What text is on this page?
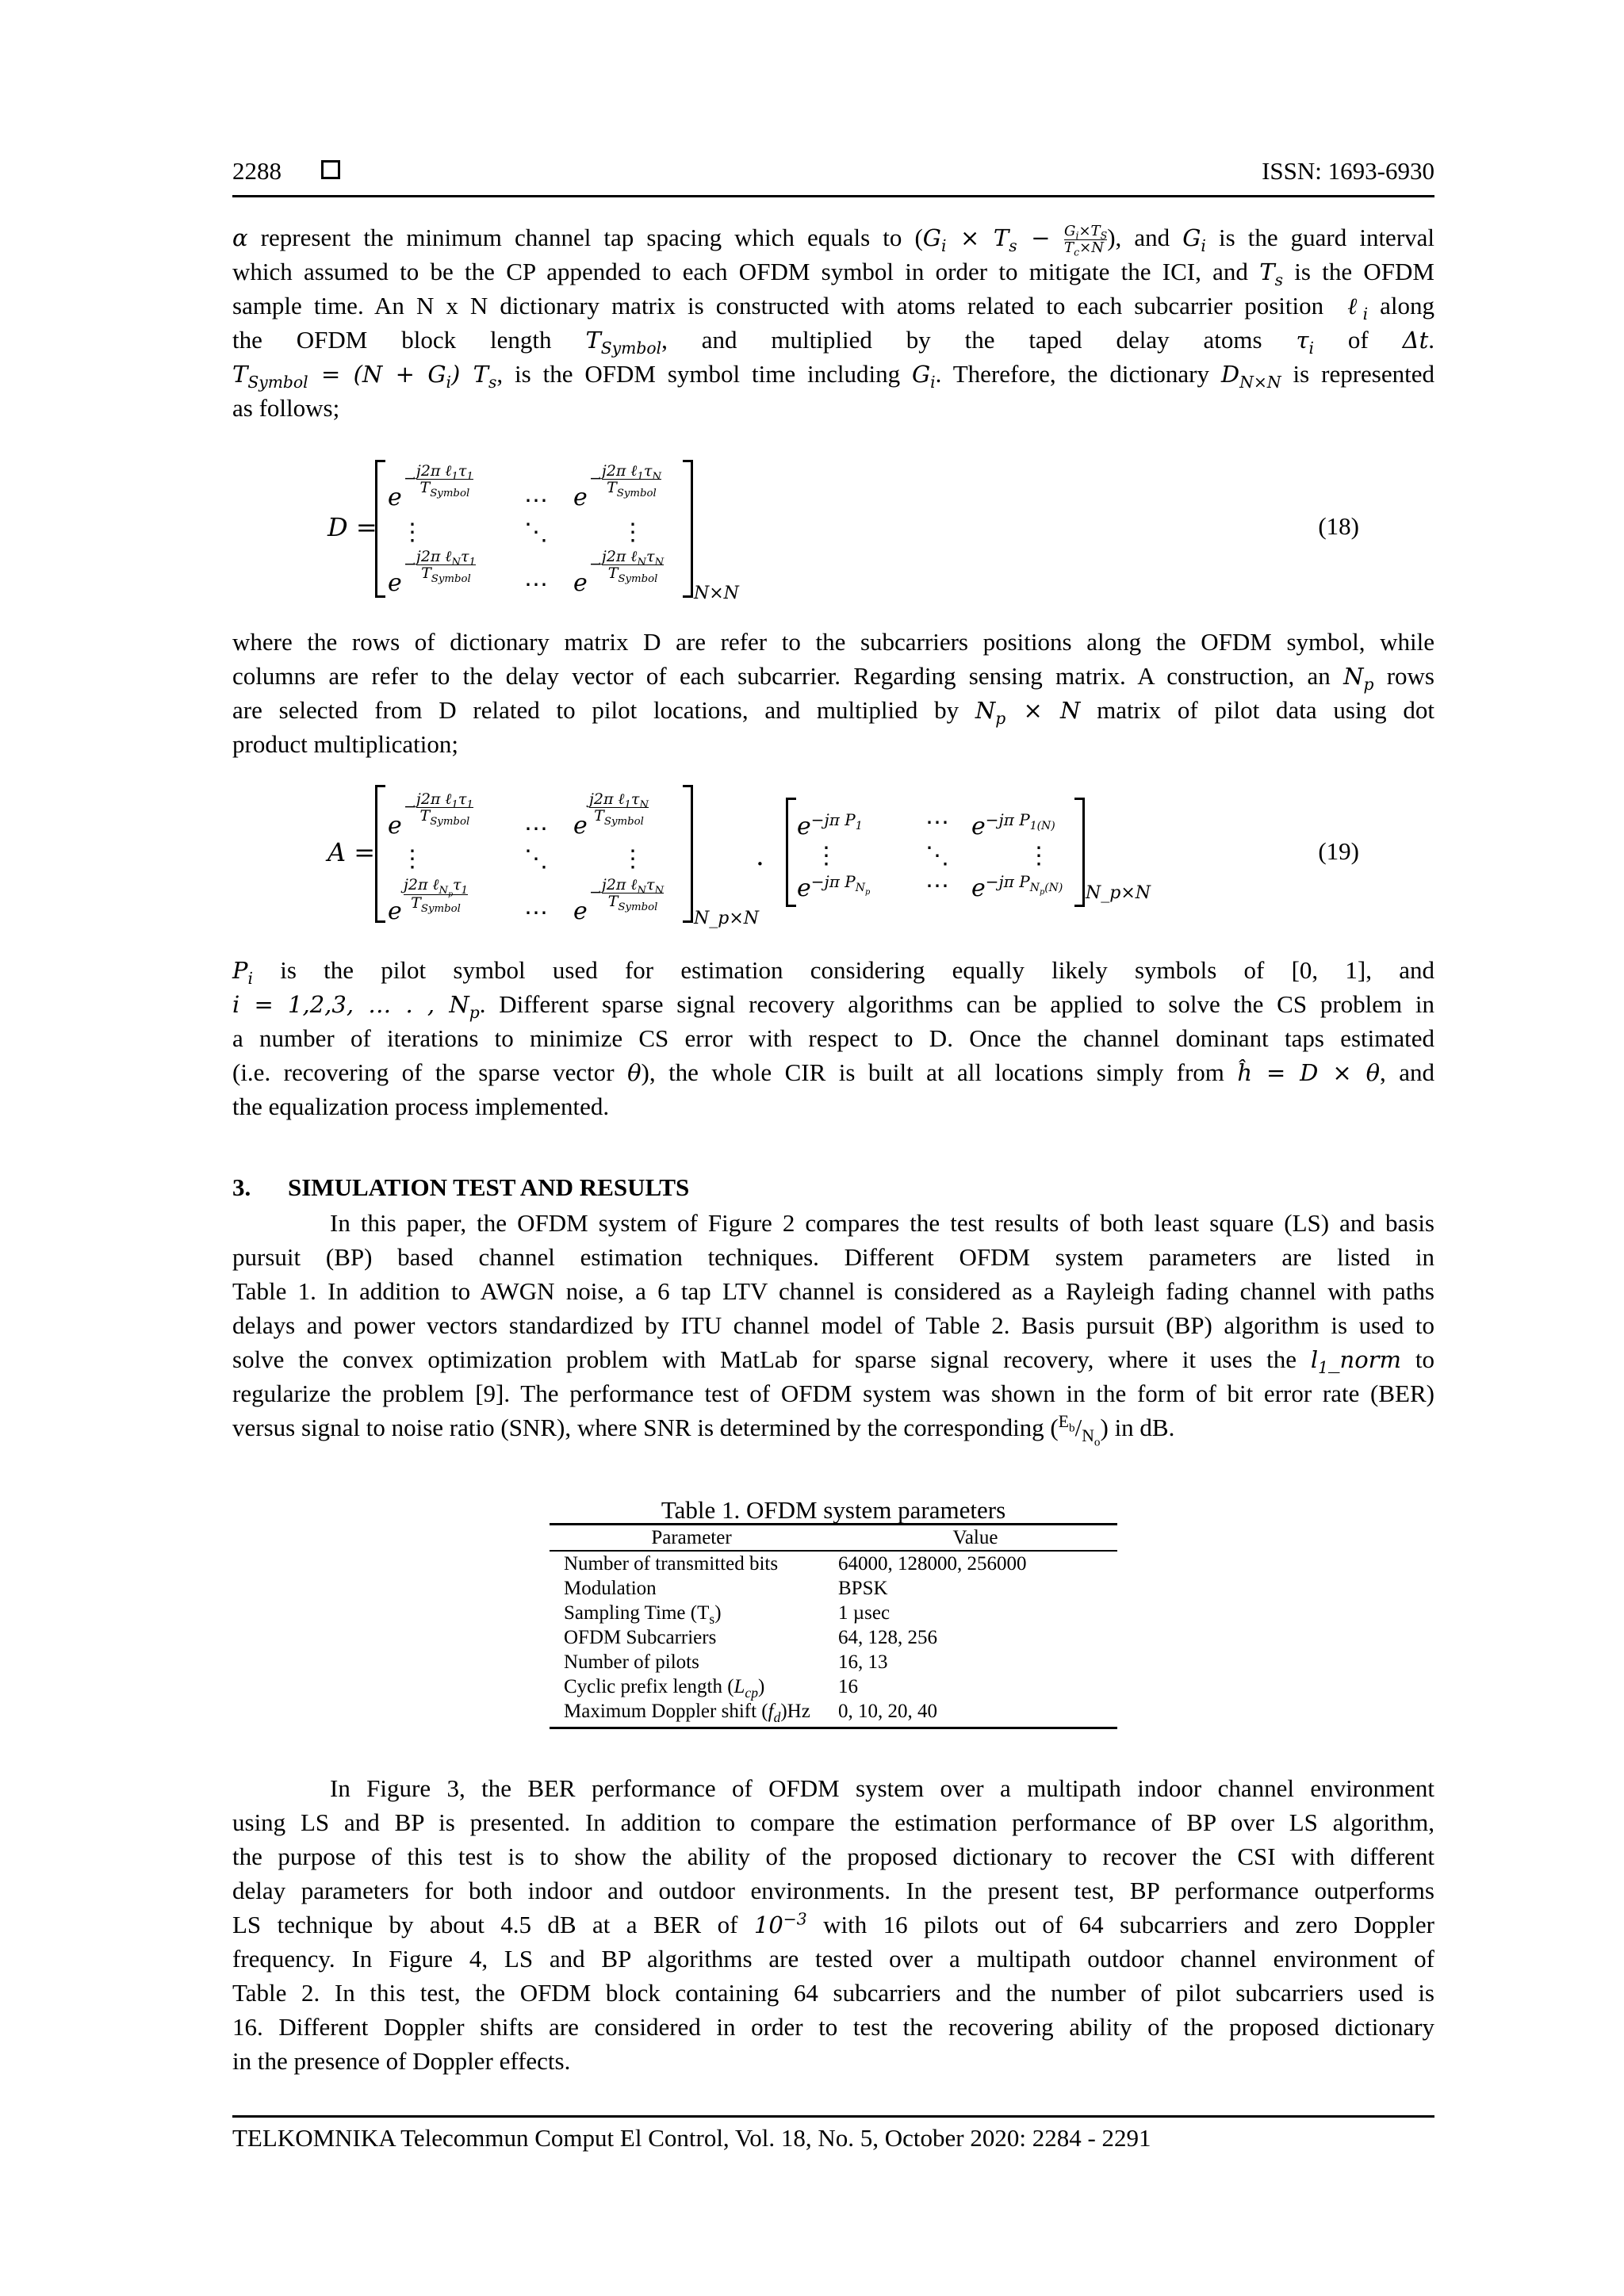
2288	ISSN: 1693-6930
α represent the minimum channel tap spacing which equals to ($G_i \times T_s - \frac{G_i\times T_S}{T_c\times N}$ ), and $G_i$ is the guard interval
which assumed to be the CP appended to each OFDM symbol in order to mitigate the ICI, and $T_s$ is the OFDM
sample time. An N x N dictionary matrix is constructed with atoms related to each subcarrier position  ℓ$_i$ along
the OFDM block length $T_{Symbol}$, and multiplied by the taped delay atoms $\tau_i$ of Δt.
$T_{Symbol} = (N + G_i)$ $T_s$, is the OFDM symbol time including $G_i$. Therefore, the dictionary $D_{N\times N}$ is represented
as follows;
D =
e
− j2π $\ell_1\tau_1$
$T_{Symbol}$ ⋯ e
− j2π $\ell_1\tau_N$
$T_{Symbol}$
⋮	⋱	⋮
e
− j2π $\ell_N\tau_1$
$T_{Symbol}$ ⋯ e
− j2π $\ell_N\tau_N$
$T_{Symbol}$
N×N
(18)
where the rows of dictionary matrix D are refer to the subcarriers positions along the OFDM symbol, while
columns are refer to the delay vector of each subcarrier. Regarding sensing matrix. A construction, an $N_p$ rows
are selected from D related to pilot locations, and multiplied by $N_p \times N$ matrix of pilot data using dot
product multiplication;
A =
e
− j2π $\ell_1\tau_1$
$T_{Symbol}$ ⋯ e
j2π $\ell_1\tau_N$
$T_{Symbol}$
⋮	⋱	⋮
e
j2π $\ell_{N_p}\tau_1$
$T_{Symbol}$	⋯ e
− j2π $\ell_N\tau_N$
$T_{Symbol}$
N_p×N
.
$e^{-j\pi P_1}$	⋯ $e^{-j\pi P_{1(N)}}$
⋮	⋱	⋮
$e^{-j\pi P_{N_p}}$ ⋯ $e^{-j\pi P_{N_p(N)}}$ N_p×N
(19)
$P_i$ is the pilot symbol used for estimation considering equally likely symbols of [0, 1], and
i = 1,2,3, … . , $N_p$. Different sparse signal recovery algorithms can be applied to solve the CS problem in
a number of iterations to minimize CS error with respect to D. Once the channel dominant taps estimated
(i.e. recovering of the sparse vector θ), the whole CIR is built at all locations simply from ĥ = D × θ, and
the equalization process implemented.
3. SIMULATION TEST AND RESULTS
In this paper, the OFDM system of Figure 2 compares the test results of both least square (LS) and basis
pursuit (BP) based channel estimation techniques. Different OFDM system parameters are listed in
Table 1. In addition to AWGN noise, a 6 tap LTV channel is considered as a Rayleigh fading channel with paths
delays and power vectors standardized by ITU channel model of Table 2. Basis pursuit (BP) algorithm is used to
solve the convex optimization problem with MatLab for sparse signal recovery, where it uses the $l_1\_norm$ to
regularize the problem [9]. The performance test of OFDM system was shown in the form of bit error rate (BER)
versus signal to noise ratio (SNR), where SNR is determined by the corresponding $(^{E_b}/_{N_o})$ in dB.
Table 1. OFDM system parameters
Parameter	Value
Number of transmitted bits	64000, 128000, 256000
Modulation	BPSK
Sampling Time $(T_s)$	1 µsec
OFDM Subcarriers	64, 128, 256
Number of pilots	16, 13
Cyclic prefix length $(L_{cp})$	16
Maximum Doppler shift $(f_d)Hz$	0, 10, 20, 40
In Figure 3, the BER performance of OFDM system over a multipath indoor channel environment
using LS and BP is presented. In addition to compare the estimation performance of BP over LS algorithm,
the purpose of this test is to show the ability of the proposed dictionary to recover the CSI with different
delay parameters for both indoor and outdoor environments. In the present test, BP performance outperforms
LS technique by about 4.5 dB at a BER of $10^{-3}$ with 16 pilots out of 64 subcarriers and zero Doppler
frequency. In Figure 4, LS and BP algorithms are tested over a multipath outdoor channel environment of
Table 2. In this test, the OFDM block containing 64 subcarriers and the number of pilot subcarriers used is
16. Different Doppler shifts are considered in order to test the recovering ability of the proposed dictionary
in the presence of Doppler effects.
TELKOMNIKA Telecommun Comput El Control, Vol. 18, No. 5, October 2020: 2284 - 2291
